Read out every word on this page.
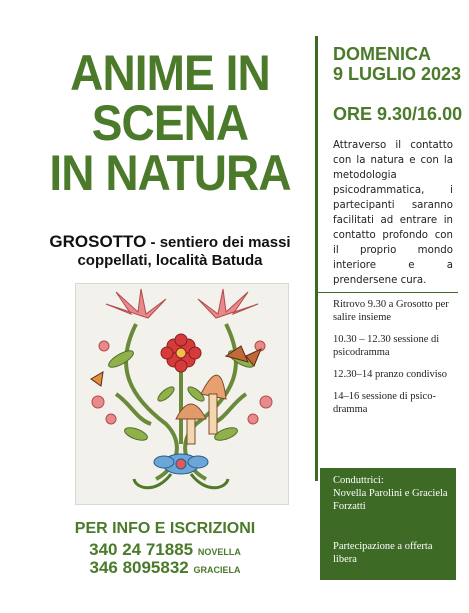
ANIME IN
SCENA
IN NATURA
GROSOTTO - sentiero dei massi
coppellati, località Batuda
DOMENICA
9 LUGLIO 2023
ORE 9.30/16.00
Attraverso il contatto con la natura e con la metodologia psicodrammatica, i partecipanti saranno facilitati ad entrare in contatto profondo con il proprio mondo interiore e a prendersene cura.

Ritrovo 9.30 a Grosotto per salire insieme

10.30 – 12.30 sessione di psicodramma

12.30–14 pranzo condiviso

14–16 sessione di psico-dramma

Conduttrici:
Novella Parolini e Graciela Forzatti
Partecipazione a offerta libera
PER INFO E ISCRIZIONI
340 24 71885 NOVELLA
346 8095832 GRACIELA
